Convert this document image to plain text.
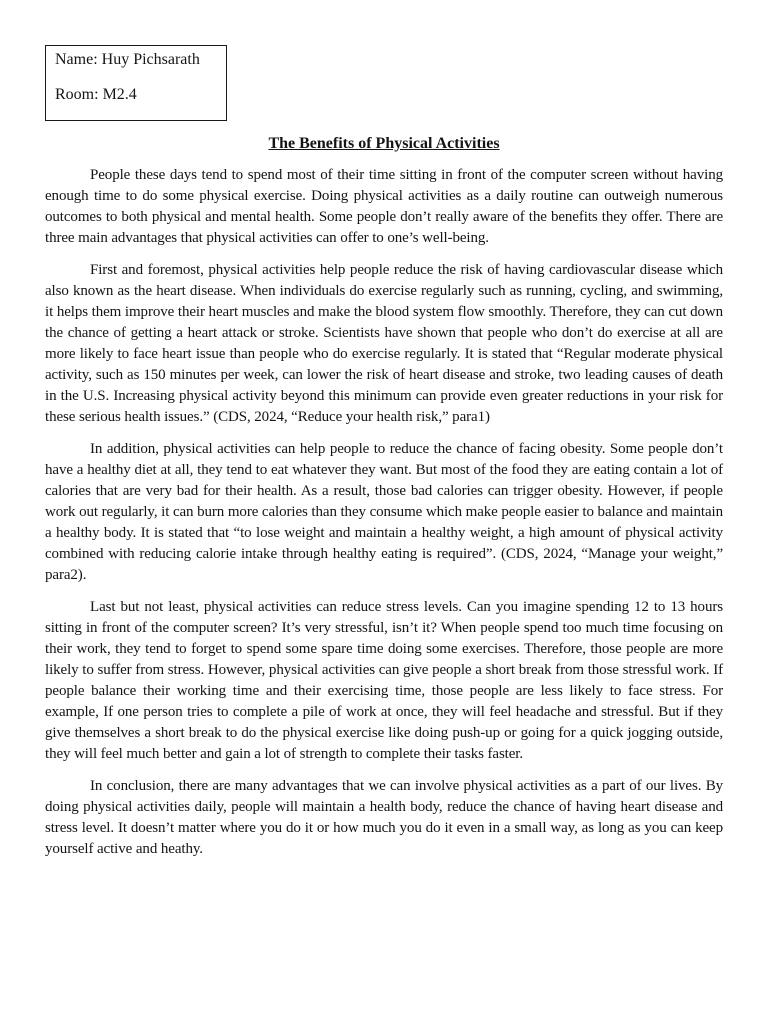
Name: Huy Pichsarath
Room: M2.4
The Benefits of Physical Activities

People these days tend to spend most of their time sitting in front of the computer screen without having enough time to do some physical exercise. Doing physical activities as a daily routine can outweigh numerous outcomes to both physical and mental health. Some people don’t really aware of the benefits they offer. There are three main advantages that physical activities can offer to one’s well-being.

First and foremost, physical activities help people reduce the risk of having cardiovascular disease which also known as the heart disease. When individuals do exercise regularly such as running, cycling, and swimming, it helps them improve their heart muscles and make the blood system flow smoothly. Therefore, they can cut down the chance of getting a heart attack or stroke. Scientists have shown that people who don’t do exercise at all are more likely to face heart issue than people who do exercise regularly. It is stated that “Regular moderate physical activity, such as 150 minutes per week, can lower the risk of heart disease and stroke, two leading causes of death in the U.S. Increasing physical activity beyond this minimum can provide even greater reductions in your risk for these serious health issues.” (CDS, 2024, “Reduce your health risk,” para1)

In addition, physical activities can help people to reduce the chance of facing obesity. Some people don’t have a healthy diet at all, they tend to eat whatever they want. But most of the food they are eating contain a lot of calories that are very bad for their health. As a result, those bad calories can trigger obesity. However, if people work out regularly, it can burn more calories than they consume which make people easier to balance and maintain a healthy body. It is stated that “to lose weight and maintain a healthy weight, a high amount of physical activity combined with reducing calorie intake through healthy eating is required”. (CDS, 2024, “Manage your weight,” para2).

Last but not least, physical activities can reduce stress levels. Can you imagine spending 12 to 13 hours sitting in front of the computer screen? It’s very stressful, isn’t it? When people spend too much time focusing on their work, they tend to forget to spend some spare time doing some exercises. Therefore, those people are more likely to suffer from stress. However, physical activities can give people a short break from those stressful work. If people balance their working time and their exercising time, those people are less likely to face stress. For example, If one person tries to complete a pile of work at once, they will feel headache and stressful. But if they give themselves a short break to do the physical exercise like doing push-up or going for a quick jogging outside, they will feel much better and gain a lot of strength to complete their tasks faster.

In conclusion, there are many advantages that we can involve physical activities as a part of our lives. By doing physical activities daily, people will maintain a health body, reduce the chance of having heart disease and stress level. It doesn’t matter where you do it or how much you do it even in a small way, as long as you can keep yourself active and heathy.
